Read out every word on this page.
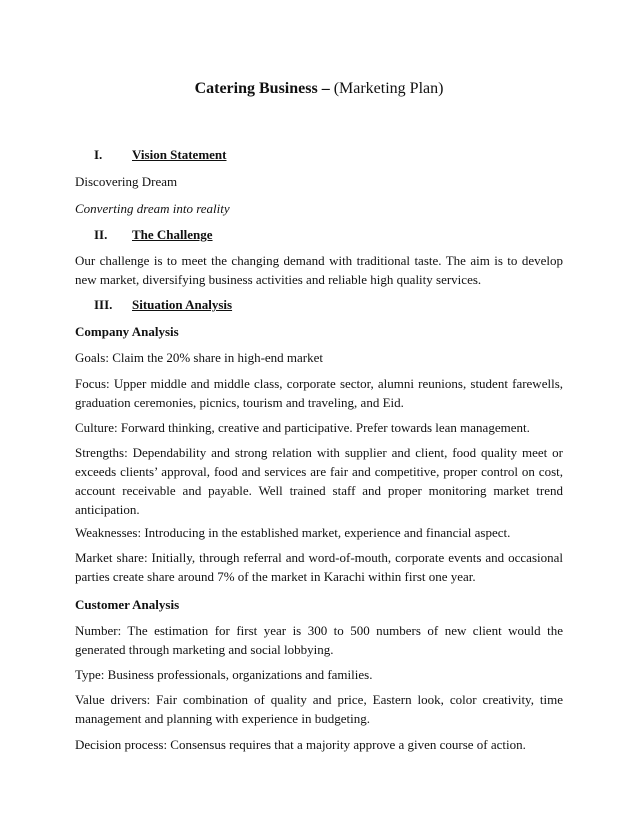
Catering Business – (Marketing Plan)
I. Vision Statement
Discovering Dream
Converting dream into reality
II. The Challenge
Our challenge is to meet the changing demand with traditional taste. The aim is to develop new market, diversifying business activities and reliable high quality services.
III. Situation Analysis
Company Analysis
Goals: Claim the 20% share in high-end market
Focus: Upper middle and middle class, corporate sector, alumni reunions, student farewells, graduation ceremonies, picnics, tourism and traveling, and Eid.
Culture: Forward thinking, creative and participative. Prefer towards lean management.
Strengths: Dependability and strong relation with supplier and client, food quality meet or exceeds clients’ approval, food and services are fair and competitive, proper control on cost, account receivable and payable. Well trained staff and proper monitoring market trend anticipation.
Weaknesses: Introducing in the established market, experience and financial aspect.
Market share: Initially, through referral and word-of-mouth, corporate events and occasional parties create share around 7% of the market in Karachi within first one year.
Customer Analysis
Number: The estimation for first year is 300 to 500 numbers of new client would the generated through marketing and social lobbying.
Type: Business professionals, organizations and families.
Value drivers: Fair combination of quality and price, Eastern look, color creativity, time management and planning with experience in budgeting.
Decision process: Consensus requires that a majority approve a given course of action.
